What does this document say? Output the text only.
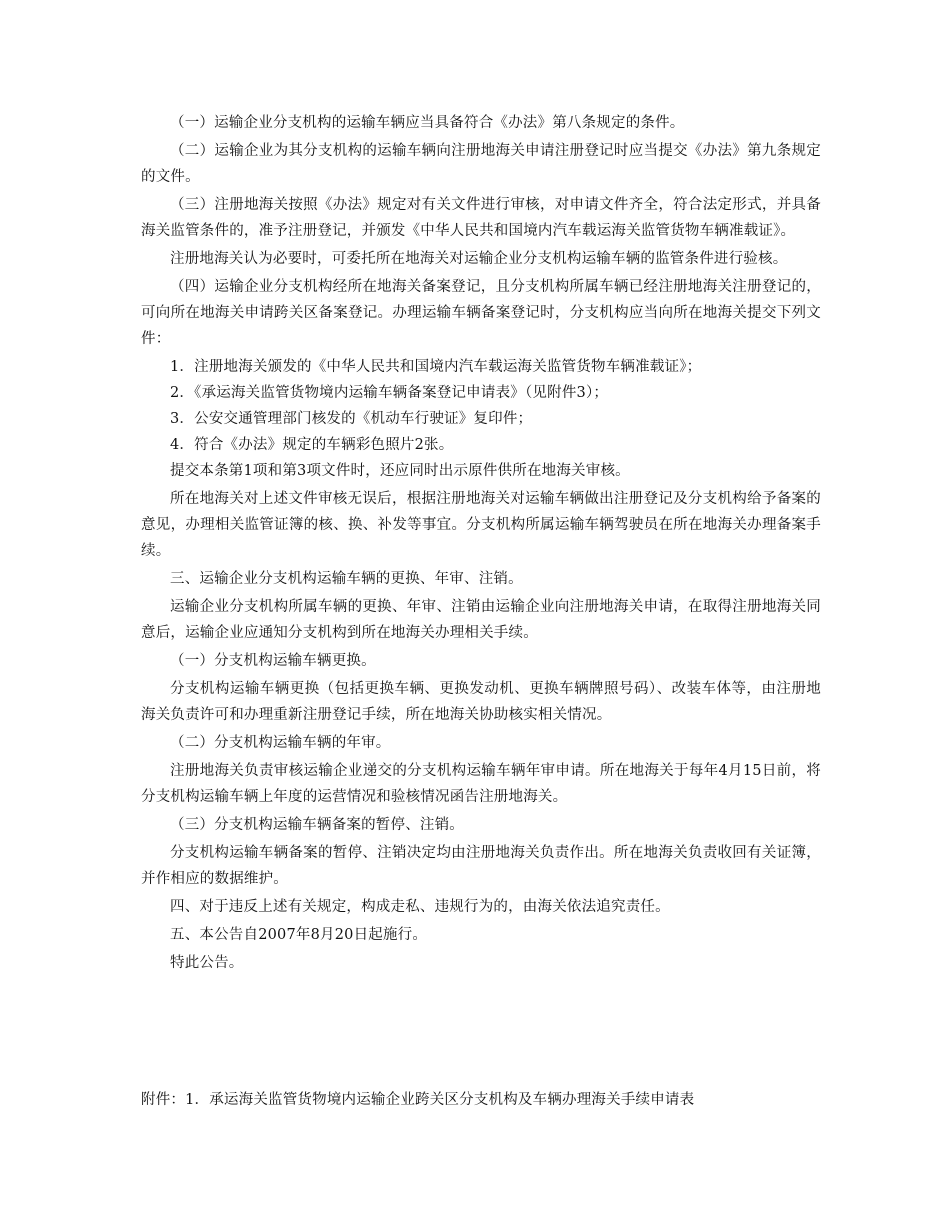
（一）运输企业分支机构的运输车辆应当具备符合《办法》第八条规定的条件。

（二）运输企业为其分支机构的运输车辆向注册地海关申请注册登记时应当提交《办法》第九条规定的文件。

（三）注册地海关按照《办法》规定对有关文件进行审核，对申请文件齐全，符合法定形式，并具备海关监管条件的，准予注册登记，并颁发《中华人民共和国境内汽车载运海关监管货物车辆准载证》。

注册地海关认为必要时，可委托所在地海关对运输企业分支机构运输车辆的监管条件进行验核。

（四）运输企业分支机构经所在地海关备案登记，且分支机构所属车辆已经注册地海关注册登记的，可向所在地海关申请跨关区备案登记。办理运输车辆备案登记时，分支机构应当向所在地海关提交下列文件：

1．注册地海关颁发的《中华人民共和国境内汽车载运海关监管货物车辆准载证》；

2．《承运海关监管货物境内运输车辆备案登记申请表》（见附件3）；

3．公安交通管理部门核发的《机动车行驶证》复印件；

4．符合《办法》规定的车辆彩色照片2张。

提交本条第1项和第3项文件时，还应同时出示原件供所在地海关审核。

所在地海关对上述文件审核无误后，根据注册地海关对运输车辆做出注册登记及分支机构给予备案的意见，办理相关监管证簿的核、换、补发等事宜。分支机构所属运输车辆驾驶员在所在地海关办理备案手续。

三、运输企业分支机构运输车辆的更换、年审、注销。

运输企业分支机构所属车辆的更换、年审、注销由运输企业向注册地海关申请，在取得注册地海关同意后，运输企业应通知分支机构到所在地海关办理相关手续。

（一）分支机构运输车辆更换。

分支机构运输车辆更换（包括更换车辆、更换发动机、更换车辆牌照号码）、改装车体等，由注册地海关负责许可和办理重新注册登记手续，所在地海关协助核实相关情况。

（二）分支机构运输车辆的年审。

注册地海关负责审核运输企业递交的分支机构运输车辆年审申请。所在地海关于每年4月15日前，将分支机构运输车辆上年度的运营情况和验核情况函告注册地海关。

（三）分支机构运输车辆备案的暂停、注销。

分支机构运输车辆备案的暂停、注销决定均由注册地海关负责作出。所在地海关负责收回有关证簿，并作相应的数据维护。

四、对于违反上述有关规定，构成走私、违规行为的，由海关依法追究责任。

五、本公告自2007年8月20日起施行。

特此公告。

附件：1．承运海关监管货物境内运输企业跨关区分支机构及车辆办理海关手续申请表
